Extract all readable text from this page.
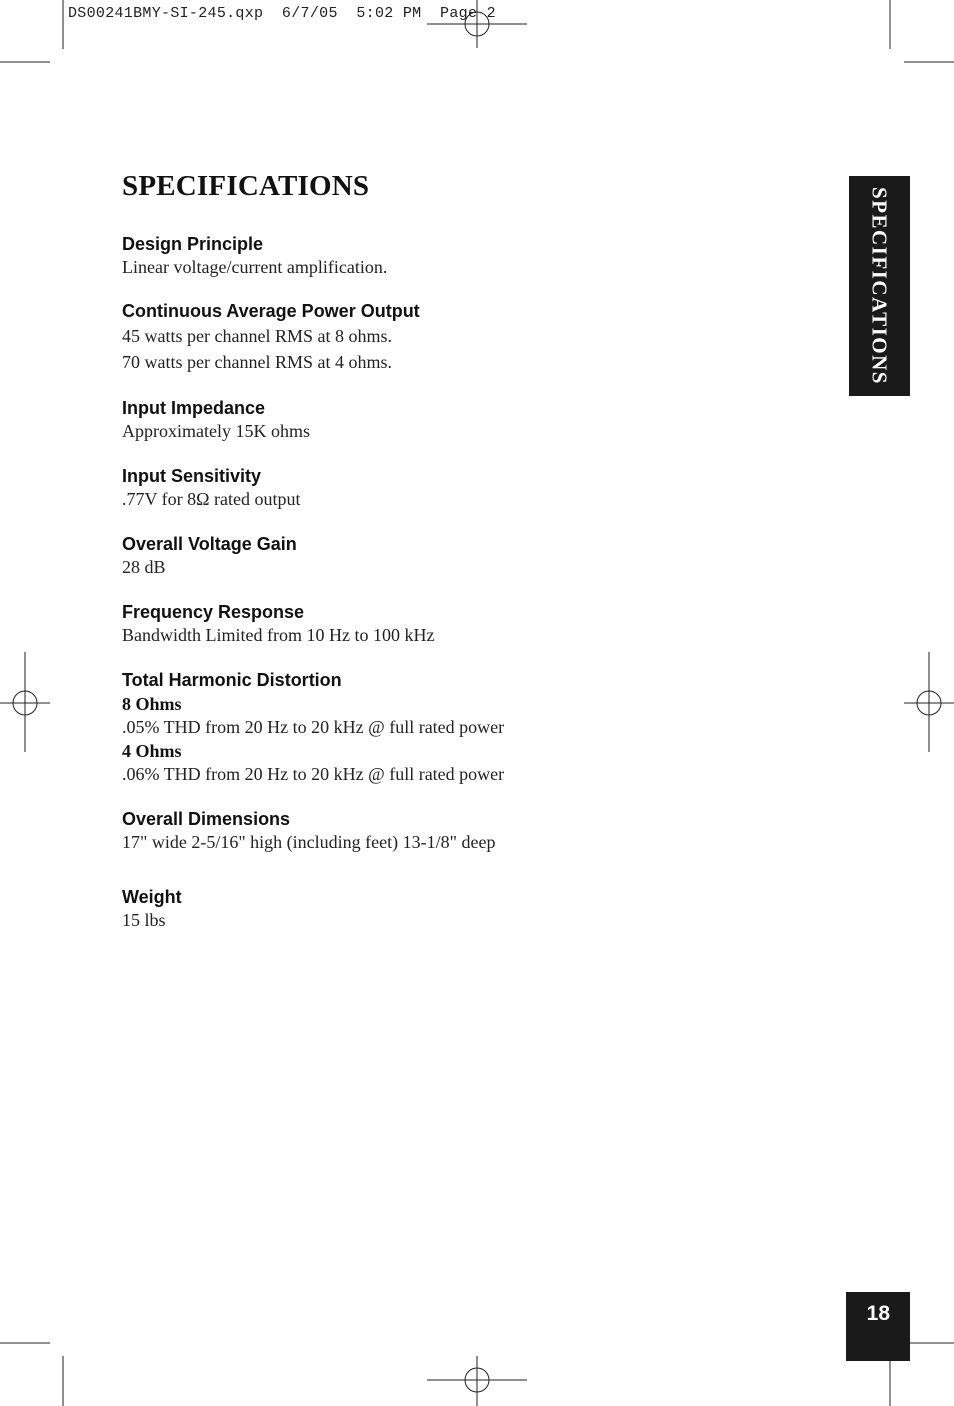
DS00241BMY-SI-245.qxp  6/7/05  5:02 PM  Page 2
SPECIFICATIONS
Design Principle
Linear voltage/current amplification.
Continuous Average Power Output
45 watts per channel RMS at 8 ohms.
70 watts per channel RMS at 4 ohms.
Input Impedance
Approximately 15K ohms
Input Sensitivity
.77V for 8Ω rated output
Overall Voltage Gain
28 dB
Frequency Response
Bandwidth Limited from 10 Hz to 100 kHz
Total Harmonic Distortion
8 Ohms
.05% THD from 20 Hz to 20 kHz @ full rated power
4 Ohms
.06% THD from 20 Hz to 20 kHz @ full rated power
Overall Dimensions
17" wide 2-5/16" high (including feet) 13-1/8" deep
Weight
15 lbs
SPECIFICATIONS
18
